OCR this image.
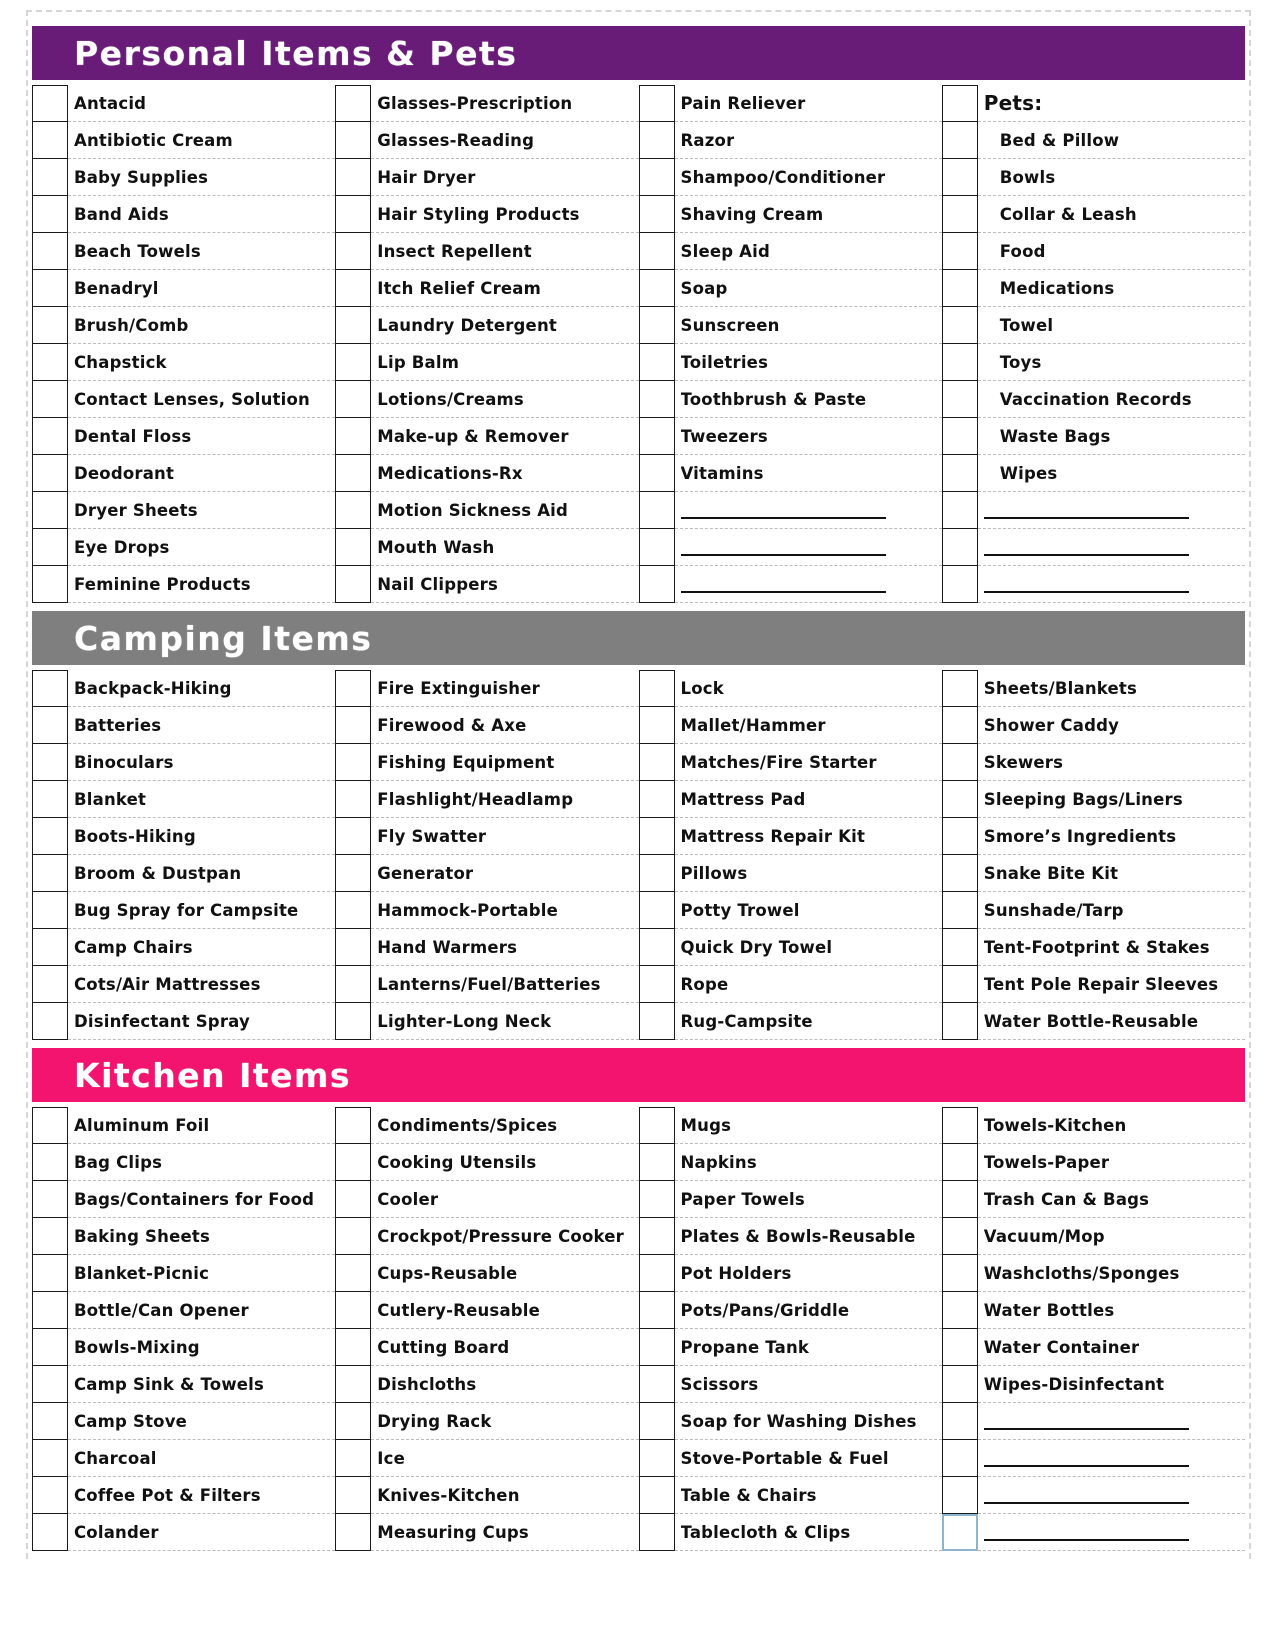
Personal Items & Pets
Antacid
Antibiotic Cream
Baby Supplies
Band Aids
Beach Towels
Benadryl
Brush/Comb
Chapstick
Contact Lenses, Solution
Dental Floss
Deodorant
Dryer Sheets
Eye Drops
Feminine Products
Glasses-Prescription
Glasses-Reading
Hair Dryer
Hair Styling Products
Insect Repellent
Itch Relief Cream
Laundry Detergent
Lip Balm
Lotions/Creams
Make-up & Remover
Medications-Rx
Motion Sickness Aid
Mouth Wash
Nail Clippers
Pain Reliever
Razor
Shampoo/Conditioner
Shaving Cream
Sleep Aid
Soap
Sunscreen
Toiletries
Toothbrush & Paste
Tweezers
Vitamins
Pets:
Bed & Pillow
Bowls
Collar & Leash
Food
Medications
Towel
Toys
Vaccination Records
Waste Bags
Wipes
Camping Items
Backpack-Hiking
Batteries
Binoculars
Blanket
Boots-Hiking
Broom & Dustpan
Bug Spray for Campsite
Camp Chairs
Cots/Air Mattresses
Disinfectant Spray
Fire Extinguisher
Firewood & Axe
Fishing Equipment
Flashlight/Headlamp
Fly Swatter
Generator
Hammock-Portable
Hand Warmers
Lanterns/Fuel/Batteries
Lighter-Long Neck
Lock
Mallet/Hammer
Matches/Fire Starter
Mattress Pad
Mattress Repair Kit
Pillows
Potty Trowel
Quick Dry Towel
Rope
Rug-Campsite
Sheets/Blankets
Shower Caddy
Skewers
Sleeping Bags/Liners
Smore’s Ingredients
Snake Bite Kit
Sunshade/Tarp
Tent-Footprint & Stakes
Tent Pole Repair Sleeves
Water Bottle-Reusable
Kitchen Items
Aluminum Foil
Bag Clips
Bags/Containers for Food
Baking Sheets
Blanket-Picnic
Bottle/Can Opener
Bowls-Mixing
Camp Sink & Towels
Camp Stove
Charcoal
Coffee Pot & Filters
Colander
Condiments/Spices
Cooking Utensils
Cooler
Crockpot/Pressure Cooker
Cups-Reusable
Cutlery-Reusable
Cutting Board
Dishcloths
Drying Rack
Ice
Knives-Kitchen
Measuring Cups
Mugs
Napkins
Paper Towels
Plates & Bowls-Reusable
Pot Holders
Pots/Pans/Griddle
Propane Tank
Scissors
Soap for Washing Dishes
Stove-Portable & Fuel
Table & Chairs
Tablecloth & Clips
Towels-Kitchen
Towels-Paper
Trash Can & Bags
Vacuum/Mop
Washcloths/Sponges
Water Bottles
Water Container
Wipes-Disinfectant
